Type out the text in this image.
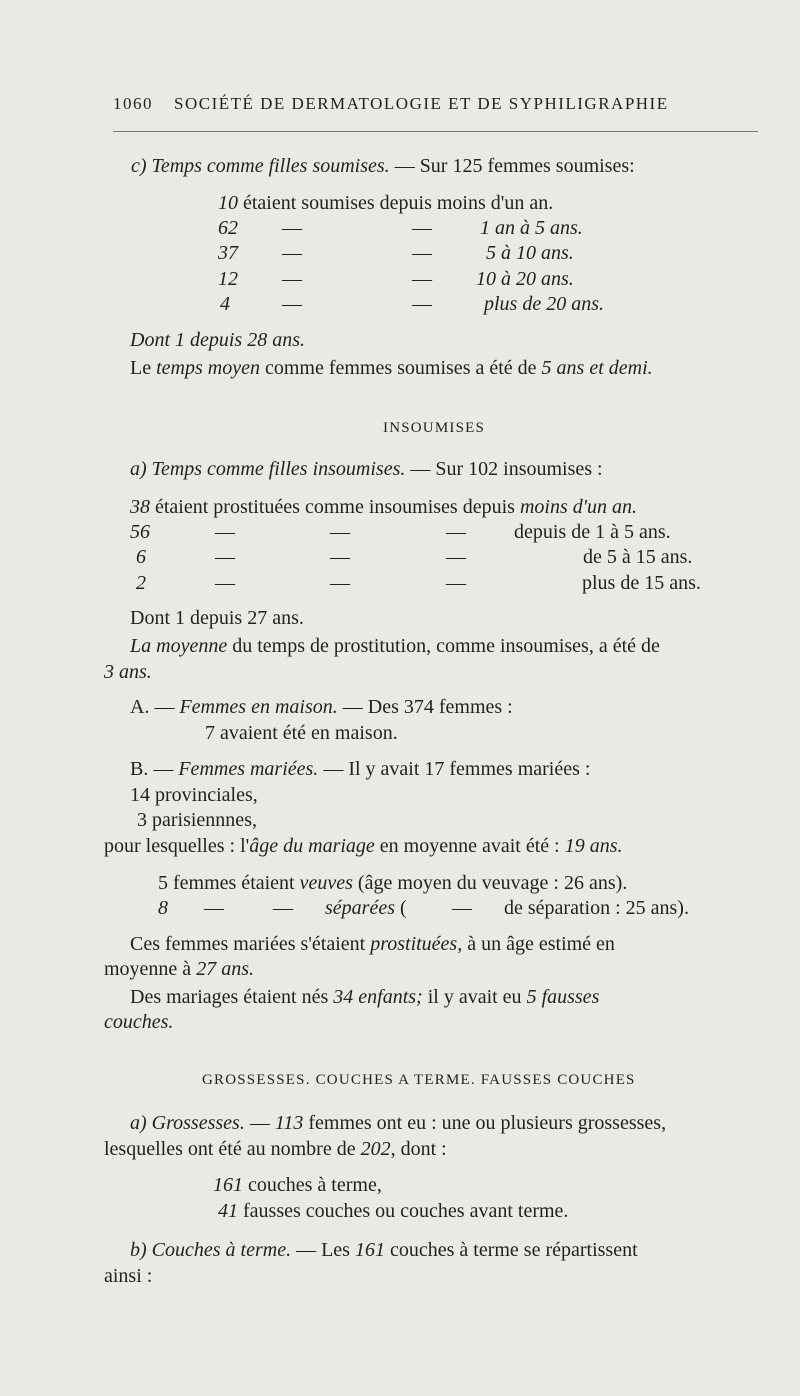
1060 SOCIÉTÉ DE DERMATOLOGIE ET DE SYPHILIGRAPHIE
c) Temps comme filles soumises. — Sur 125 femmes soumises:
10 étaient soumises depuis moins d'un an.
62 —	— 1 an à 5 ans.
37 —	—	5 à 10 ans.
12 —	— 10 à 20 ans.
4	—	—	plus de 20 ans.
Dont 1 depuis 28 ans.
Le temps moyen comme femmes soumises a été de 5 ans et demi.
INSOUMISES
a) Temps comme filles insoumises. — Sur 102 insoumises :
38 étaient prostituées comme insoumises depuis moins d'un an.
56	—	—	— depuis de 1 à 5 ans.
6	—	—	—	de 5 à 15 ans.
2	—	—	—	plus de 15 ans.
Dont 1 depuis 27 ans.
La moyenne du temps de prostitution, comme insoumises, a été de
3 ans.
A. — Femmes en maison. — Des 374 femmes :
7 avaient été en maison.
B. — Femmes mariées. — Il y avait 17 femmes mariées :
14 provinciales,
3 parisiennnes,
pour lesquelles : l'âge du mariage en moyenne avait été : 19 ans.
5 femmes étaient veuves (âge moyen du veuvage : 26 ans).
8 — — séparées ( — de séparation : 25 ans).
Ces femmes mariées s'étaient prostituées, à un âge estimé en
moyenne à 27 ans.
Des mariages étaient nés 34 enfants; il y avait eu 5 fausses
couches.
GROSSESSES. COUCHES A TERME. FAUSSES COUCHES
a) Grossesses. — 113 femmes ont eu : une ou plusieurs grossesses,
lesquelles ont été au nombre de 202, dont :
161 couches à terme,
41 fausses couches ou couches avant terme.
b) Couches à terme. — Les 161 couches à terme se répartissent
ainsi :
